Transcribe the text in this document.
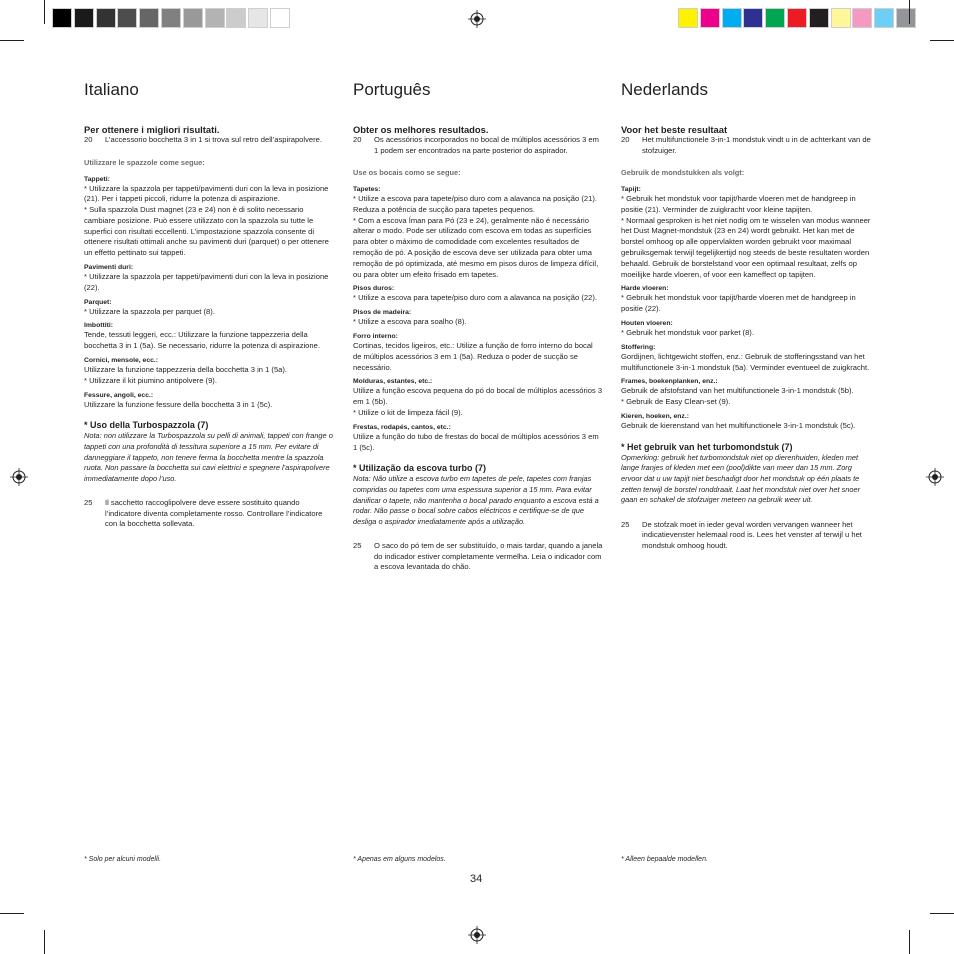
Italiano

Per ottenere i migliori risultati.

20	L’accessorio bocchetta 3 in 1 si trova sul retro dell’aspirapolvere.

Utilizzare le spazzole come segue:

Tappeti:

* Utilizzare la spazzola per tappeti/pavimenti duri con la leva in posizione (21). Per i tappeti piccoli, ridurre la potenza di aspirazione.
* Sulla spazzola Dust magnet (23 e 24) non è di solito necessario cambiare posizione. Può essere utilizzato con la spazzola su tutte le superfici con risultati eccellenti. L’impostazione spazzola consente di ottenere risultati ottimali anche su pavimenti duri (parquet) o per ottenere un effetto pettinato sui tappeti.

Pavimenti duri:

* Utilizzare la spazzola per tappeti/pavimenti duri con la leva in posizione (22).

Parquet:

* Utilizzare la spazzola per parquet (8).

Imbottiti:

Tende, tessuti leggeri, ecc.: Utilizzare la funzione tappezzeria della bocchetta 3 in 1 (5a). Se necessario, ridurre la potenza di aspirazione.

Cornici, mensole, ecc.:

Utilizzare la funzione tappezzeria della bocchetta 3 in 1 (5a).
* Utilizzare il kit piumino antipolvere (9).

Fessure, angoli, ecc.:

Utilizzare la funzione fessure della bocchetta 3 in 1 (5c).

* Uso della Turbospazzola (7)

Nota: non utilizzare la Turbospazzola su pelli di animali, tappeti con frange o tappeti con una profondità di tessitura superiore a 15 mm. Per evitare di danneggiare il tappeto, non tenere ferma la bocchetta mentre la spazzola ruota. Non passare la bocchetta sui cavi elettrici e spegnere l’aspirapolvere immediatamente dopo l’uso.

25	Il sacchetto raccoglipolvere deve essere sostituito quando l’indicatore diventa completamente rosso. Controllare l’indicatore con la bocchetta sollevata.
Português

Obter os melhores resultados.

20	Os acessórios incorporados no bocal de múltiplos acessórios 3 em 1 podem ser encontrados na parte posterior do aspirador.

Use os bocais como se segue:

Tapetes:

* Utilize a escova para tapete/piso duro com a alavanca na posição (21). Reduza a potência de sucção para tapetes pequenos.
* Com a escova Íman para Pó (23 e 24), geralmente não é necessário alterar o modo. Pode ser utilizado com escova em todas as superfícies para obter o máximo de comodidade com excelentes resultados de remoção de pó. A posição de escova deve ser utilizada para obter uma remoção de pó optimizada, até mesmo em pisos duros de limpeza difícil, ou para obter um efeito frisado em tapetes.

Pisos duros:

* Utilize a escova para tapete/piso duro com a alavanca na posição (22).

Pisos de madeira:

* Utilize a escova para soalho (8).

Forro interno:

Cortinas, tecidos ligeiros, etc.: Utilize a função de forro interno do bocal de múltiplos acessórios 3 em 1 (5a). Reduza o poder de sucção se necessário.

Molduras, estantes, etc.:

Utilize a função escova pequena do pó do bocal de múltiplos acessórios 3 em 1 (5b).
* Utilize o kit de limpeza fácil (9).

Frestas, rodapés, cantos, etc.:

Utilize a função do tubo de frestas do bocal de múltiplos acessórios 3 em 1 (5c).

* Utilização da escova turbo (7)

Nota: Não utilize a escova turbo em tapetes de pele, tapetes com franjas compridas ou tapetes com uma espessura superior a 15 mm. Para evitar danificar o tapete, não mantenha o bocal parado enquanto a escova está a rodar. Não passe o bocal sobre cabos eléctricos e certifique-se de que desliga o aspirador imediatamente após a utilização.

25	O saco do pó tem de ser substituído, o mais tardar, quando a janela do indicador estiver completamente vermelha. Leia o indicador com a escova levantada do chão.
Nederlands

Voor het beste resultaat

20	Het multifunctionele 3-in-1 mondstuk vindt u in de achterkant van de stofzuiger.

Gebruik de mondstukken als volgt:

Tapijt:

* Gebruik het mondstuk voor tapijt/harde vloeren met de handgreep in positie (21). Verminder de zuigkracht voor kleine tapijten.
* Normaal gesproken is het niet nodig om te wisselen van modus wanneer het Dust Magnet-mondstuk (23 en 24) wordt gebruikt. Het kan met de borstel omhoog op alle oppervlakten worden gebruikt voor maximaal gebruiksgemak terwijl tegelijkertijd nog steeds de beste resultaten worden behaald. Gebruik de borstelstand voor een optimaal resultaat, zelfs op moeilijke harde vloeren, of voor een kameffect op tapijten.

Harde vloeren:

* Gebruik het mondstuk voor tapijt/harde vloeren met de handgreep in positie (22).

Houten vloeren:

* Gebruik het mondstuk voor parket (8).

Stoffering:

Gordijnen, lichtgewicht stoffen, enz.: Gebruik de stofferingsstand van het multifunctionele 3-in-1 mondstuk (5a). Verminder eventueel de zuigkracht.

Frames, boekenplanken, enz.:

Gebruik de afstofstand van het multifunctionele 3-in-1 mondstuk (5b).
* Gebruik de Easy Clean-set (9).

Kieren, hoeken, enz.:

Gebruik de kierenstand van het multifunctionele 3-in-1 mondstuk (5c).

* Het gebruik van het turbomondstuk (7)

Opmerking: gebruik het turbomondstuk niet op dierenhuiden, kleden met lange franjes of kleden met een (pool)dikte van meer dan 15 mm. Zorg ervoor dat u uw tapijt niet beschadigt door het mondstuk op één plaats te zetten terwijl de borstel ronddraait. Laat het mondstuk niet over het snoer gaan en schakel de stofzuiger meteen na gebruik weer uit.

25	De stofzak moet in ieder geval worden vervangen wanneer het indicatievenster helemaal rood is. Lees het venster af terwijl u het mondstuk omhoog houdt.
* Solo per alcuni modelli.	* Apenas em alguns modelos.	* Alleen bepaalde modellen.
34
